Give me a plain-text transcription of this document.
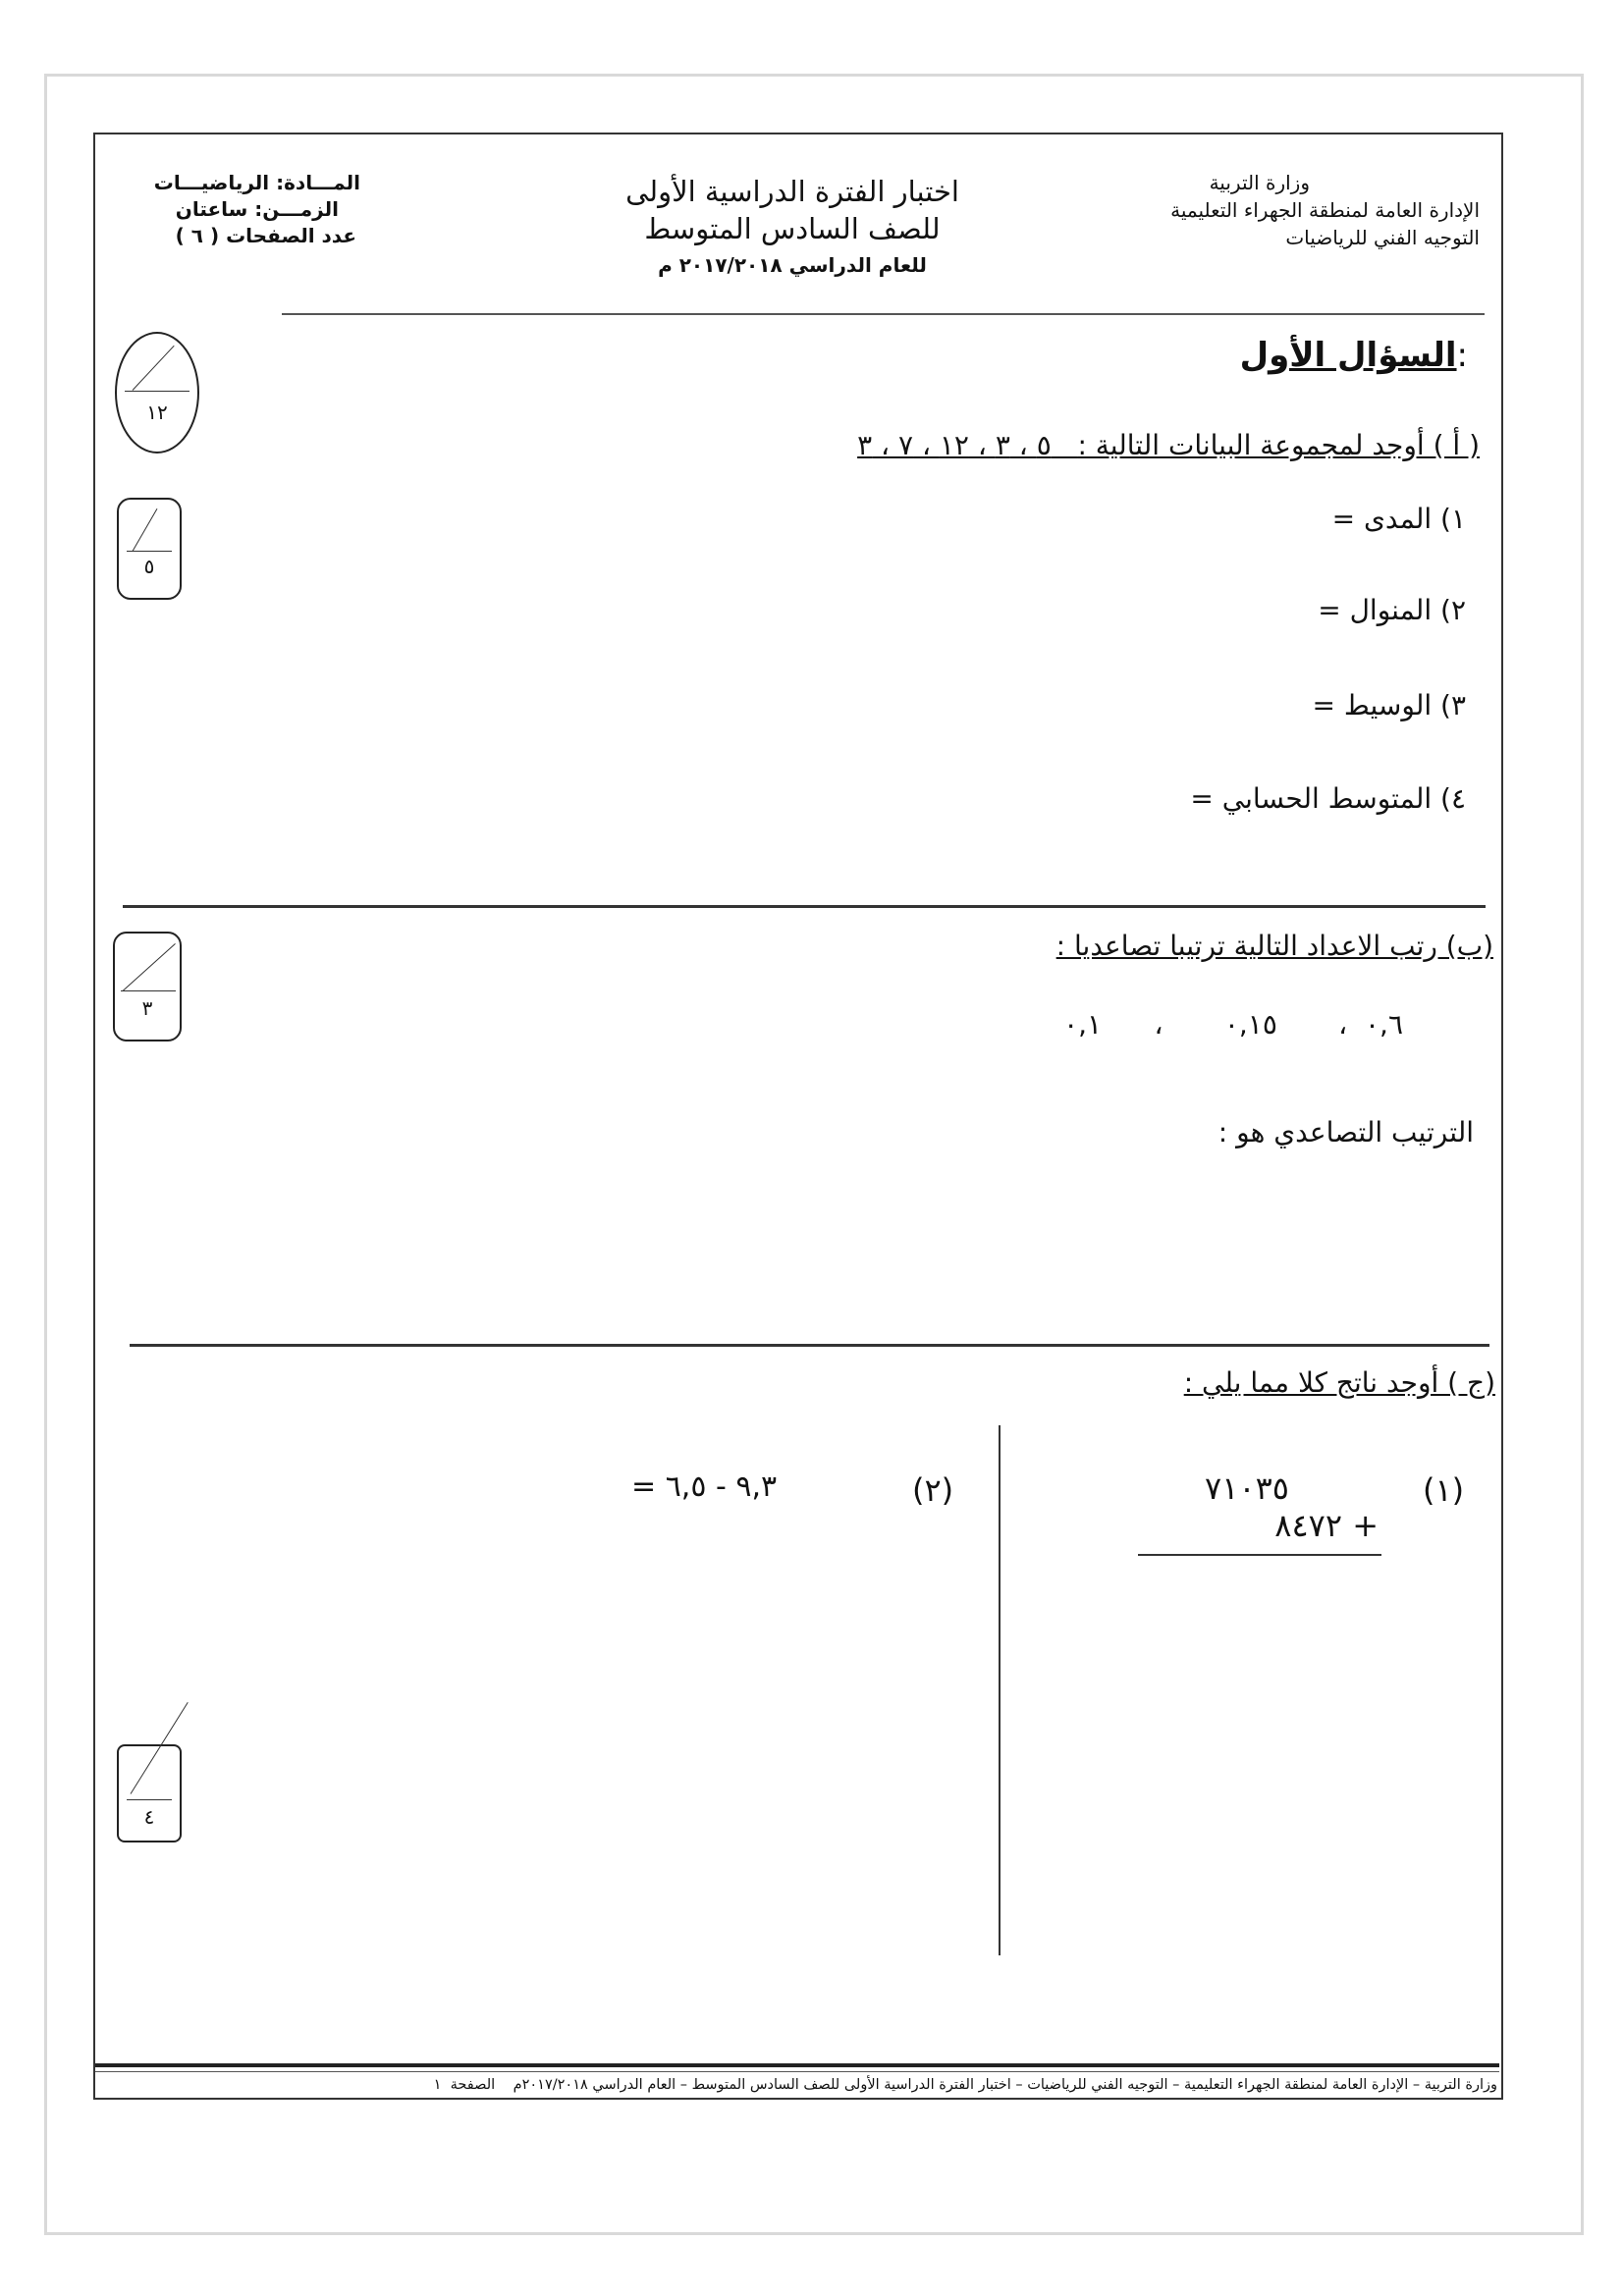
وزارة التربية
الإدارة العامة لمنطقة الجهراء التعليمية
التوجيه الفني للرياضيات
اختبار الفترة الدراسية الأولى
للصف السادس المتوسط
للعام الدراسي ٢٠١٧/٢٠١٨ م
المـــادة: الرياضيـــات
الزمـــن: ساعتان
عدد الصفحات ( ٦ )
:السؤال الأول
١٢
( أ ) أوجد لمجموعة البيانات التالية :   ٥ ، ٣ ، ١٢ ، ٧ ، ٣
٥
١) المدى =
٢) المنوال =
٣) الوسيط =
٤) المتوسط الحسابي =
(ب) رتب الاعداد التالية ترتيبا تصاعديا :
٣	٠,٦  ،       ٠,١٥       ،      ٠,١
الترتيب التصاعدي هو :
(ج ) أوجد ناتج كلا مما يلي :
(١)
٧١٠٣٥
+ ٨٤٧٢
(٢)
٩,٣ - ٦,٥ =
٤
وزارة التربية – الإدارة العامة لمنطقة الجهراء التعليمية – التوجيه الفني للرياضيات – اختبار الفترة الدراسية الأولى للصف السادس المتوسط – العام الدراسي ٢٠١٧/٢٠١٨م    الصفحة  ١
